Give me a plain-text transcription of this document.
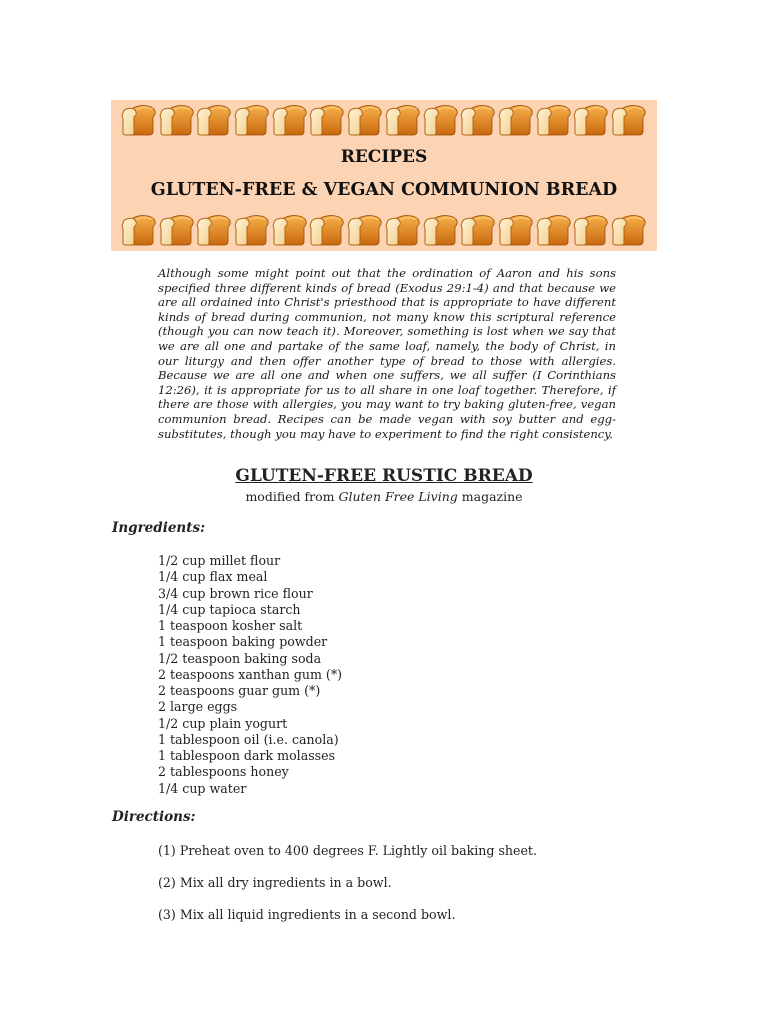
RECIPES
GLUTEN-FREE & VEGAN COMMUNION BREAD

Although some might point out that the ordination of Aaron and his sons specified three different kinds of bread (Exodus 29:1-4) and that because we are all ordained into Christ's priesthood that is appropriate to have different kinds of bread during communion, not many know this scriptural reference (though you can now teach it). Moreover, something is lost when we say that we are all one and partake of the same loaf, namely, the body of Christ, in our liturgy and then offer another type of bread to those with allergies. Because we are all one and when one suffers, we all suffer (I Corinthians 12:26), it is appropriate for us to all share in one loaf together. Therefore, if there are those with allergies, you may want to try baking gluten-free, vegan communion bread. Recipes can be made vegan with soy butter and egg-substitutes, though you may have to experiment to find the right consistency.

GLUTEN-FREE RUSTIC BREAD
modified from Gluten Free Living magazine
Ingredients:
1/2 cup millet flour
1/4 cup flax meal
3/4 cup brown rice flour
1/4 cup tapioca starch
1 teaspoon kosher salt
1 teaspoon baking powder
1/2 teaspoon baking soda
2 teaspoons xanthan gum (*)
2 teaspoons guar gum (*)
2 large eggs
1/2 cup plain yogurt
1 tablespoon oil (i.e. canola)
1 tablespoon dark molasses
2 tablespoons honey
1/4 cup water
Directions:
(1) Preheat oven to 400 degrees F. Lightly oil baking sheet.
(2) Mix all dry ingredients in a bowl.
(3) Mix all liquid ingredients in a second bowl.
